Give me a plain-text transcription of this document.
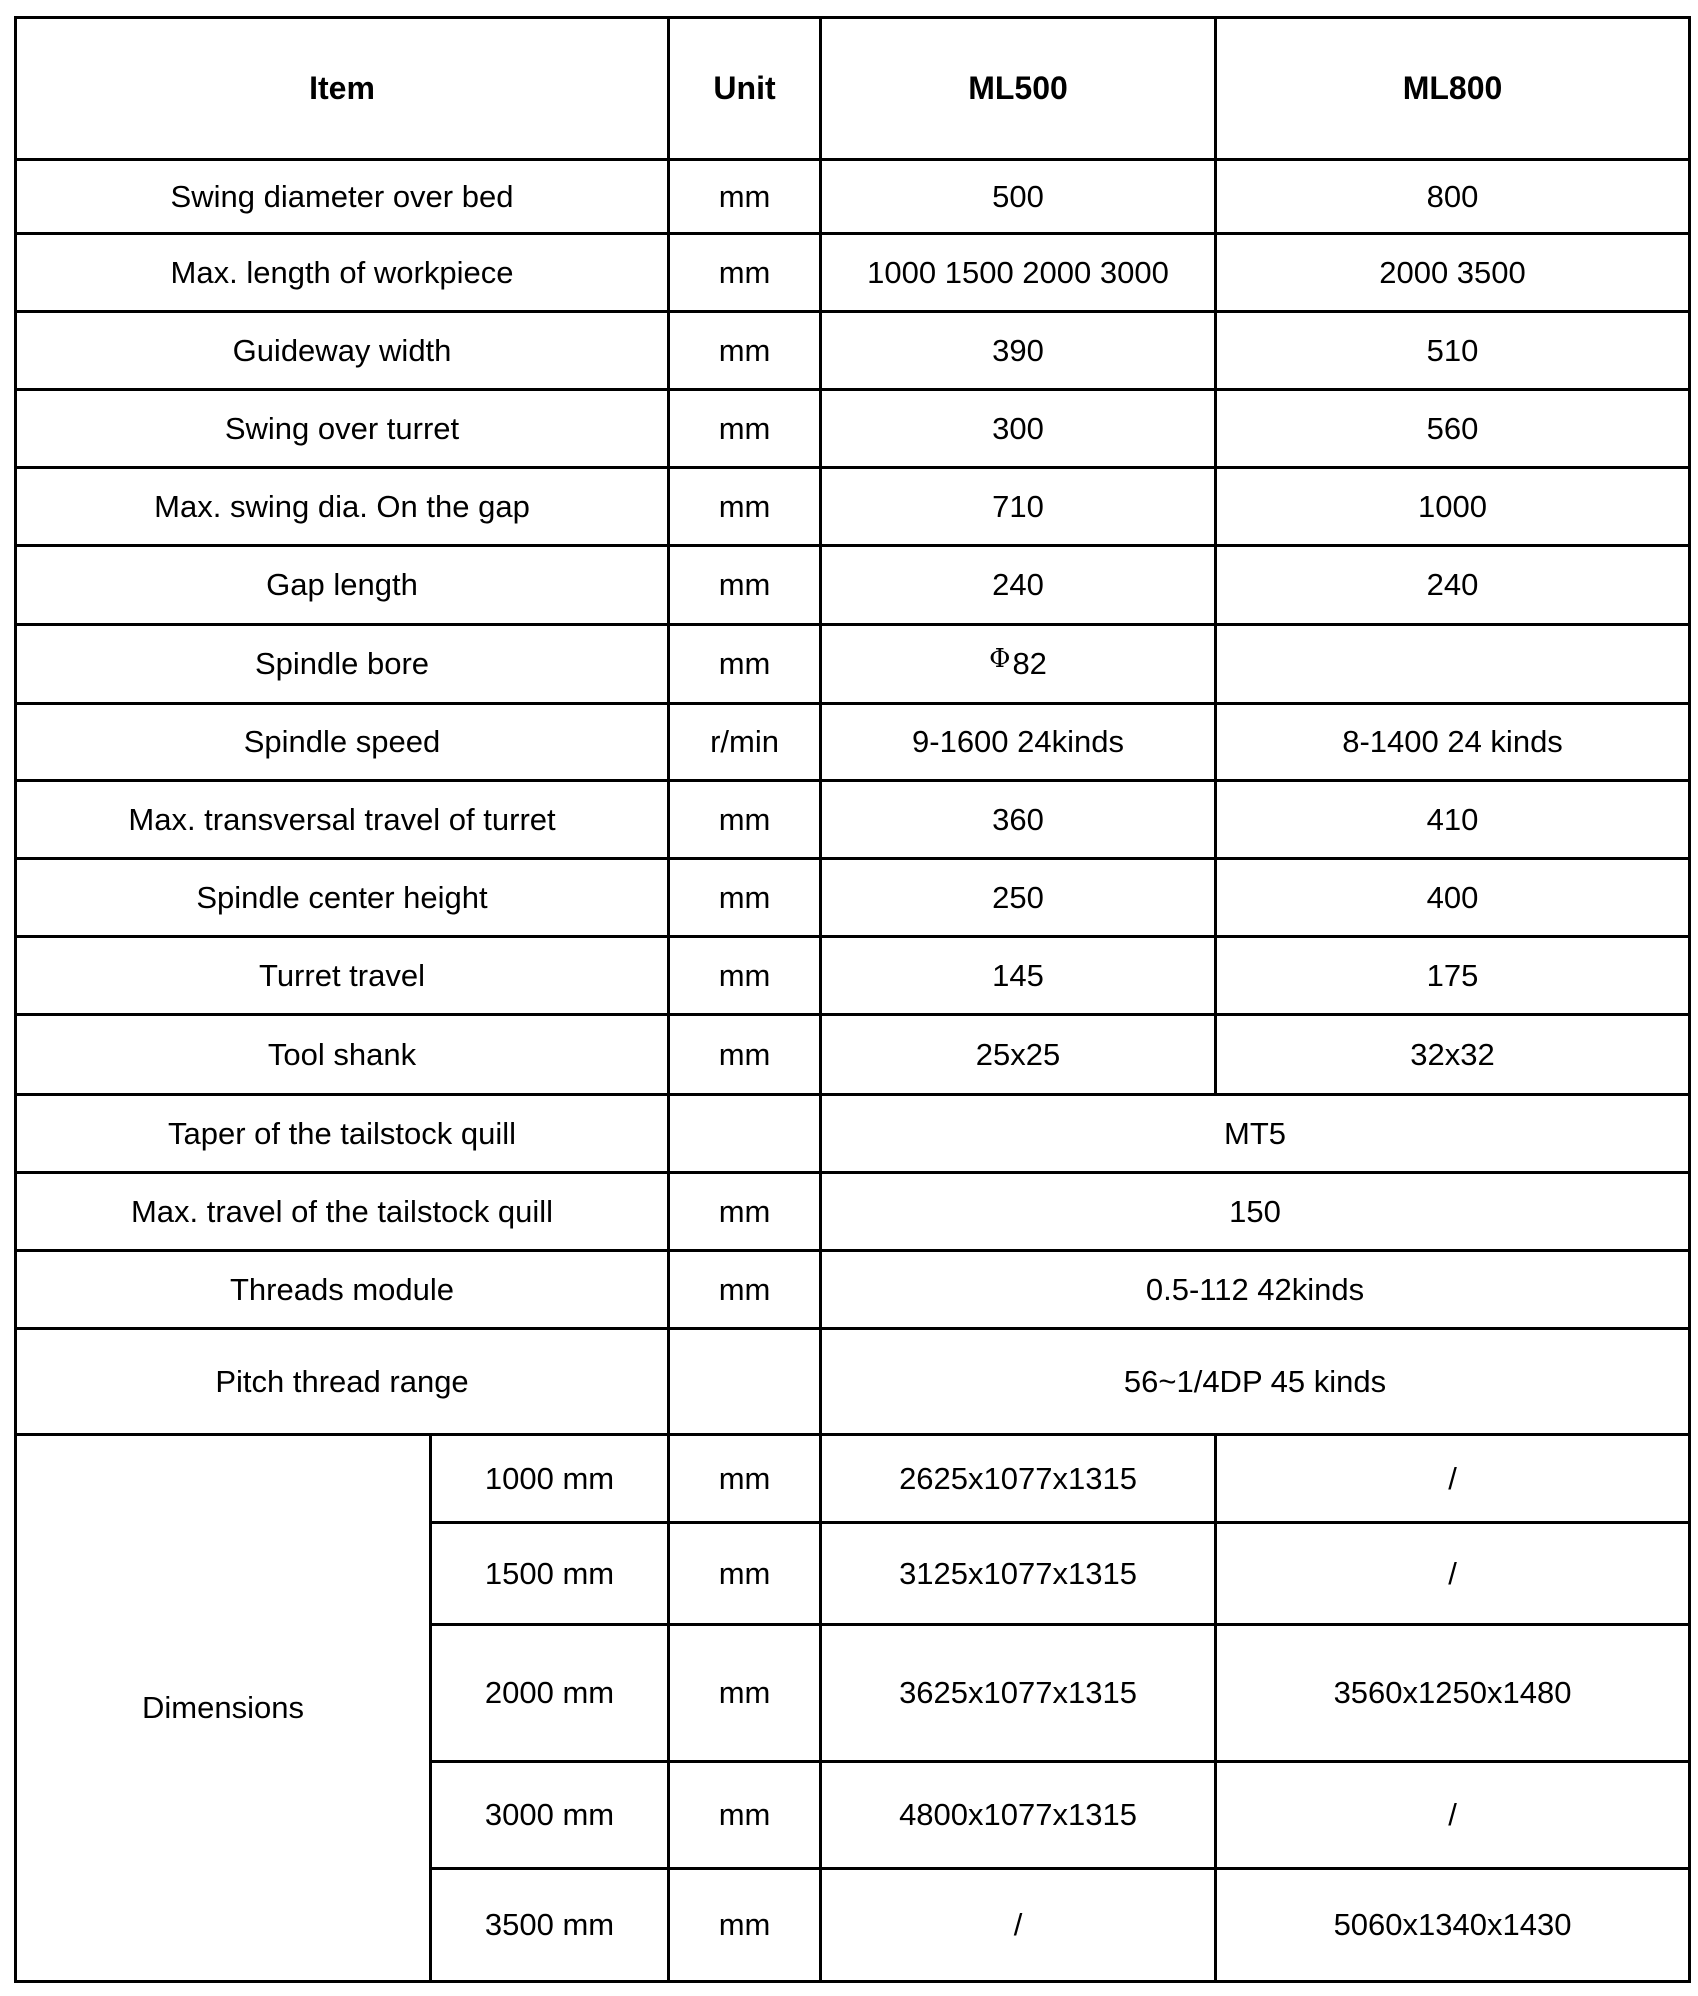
Item		Unit	ML500	ML800
Swing diameter over bed		mm	500	800
Max. length of workpiece		mm	1000 1500 2000 3000	2000 3500
Guideway width		mm	390	510
Swing over turret		mm	300	560
Max. swing dia. On the gap		mm	710	1000
Gap length		mm	240	240
Spindle bore		mm	$^\Phi$82	
Spindle speed		r/min	9-1600 24kinds	8-1400 24 kinds
Max. transversal travel of turret		mm	360	410
Spindle center height		mm	250	400
Turret travel		mm	145	175
Tool shank		mm	25x25	32x32
Taper of the tailstock quill			MT5	
Max. travel of the tailstock quill		mm	150	
Threads module		mm	0.5-112 42kinds	
Pitch thread range			56~1/4DP 45 kinds	
Dimensions	1000 mm	mm	2625x1077x1315	/
	1500 mm	mm	3125x1077x1315	/
	2000 mm	mm	3625x1077x1315	3560x1250x1480
	3000 mm	mm	4800x1077x1315	/
	3500 mm	mm	/	5060x1340x1430
